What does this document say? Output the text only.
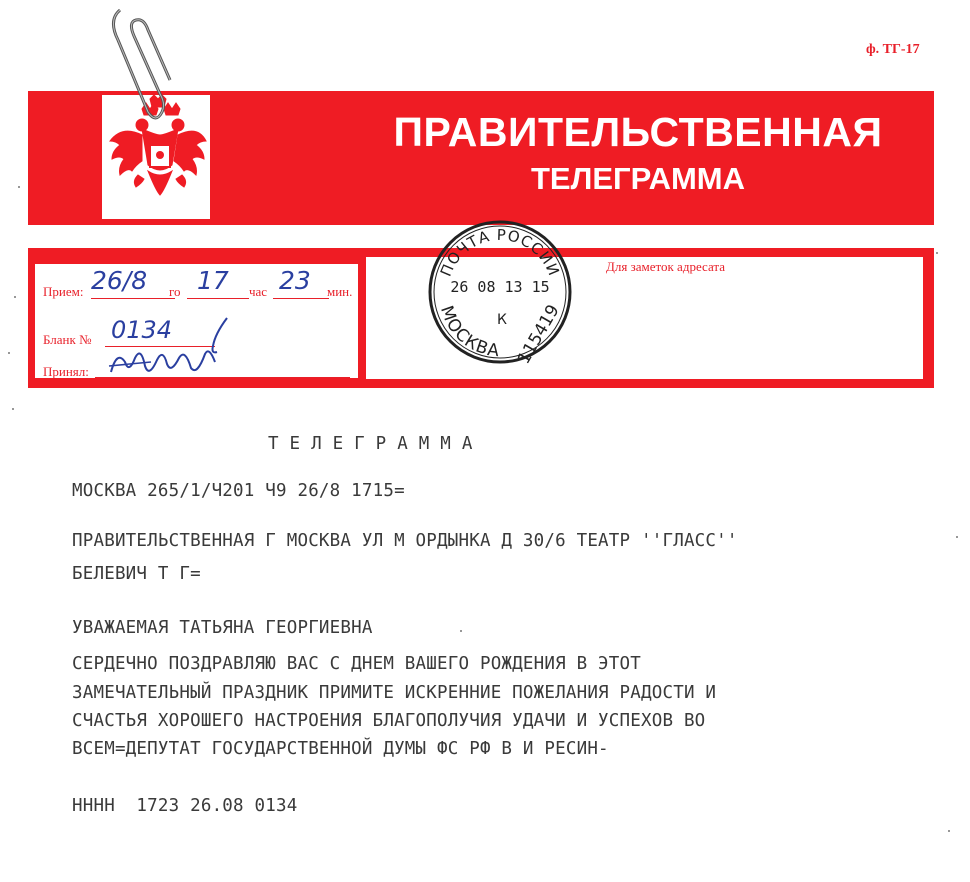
ф. ТГ-17
ПРАВИТЕЛЬСТВЕННАЯ
ТЕЛЕГРАММА
Прием: 26/8 го 17 час 23 мин.
Бланк № 0134
Принял:
Для заметок адресата
ПОЧТА РОССИИ
26 08 13 15
МОСКВА
К 115419
ТЕЛЕГРАММА
МОСКВА 265/1/Ч201 Ч9 26/8 1715=
ПРАВИТЕЛЬСТВЕННАЯ Г МОСКВА УЛ М ОРДЫНКА Д 30/6 ТЕАТР ''ГЛАСС''
БЕЛЕВИЧ Т Г=
УВАЖАЕМАЯ ТАТЬЯНА ГЕОРГИЕВНА
СЕРДЕЧНО ПОЗДРАВЛЯЮ ВАС С ДНЕМ ВАШЕГО РОЖДЕНИЯ В ЭТОТ
ЗАМЕЧАТЕЛЬНЫЙ ПРАЗДНИК ПРИМИТЕ ИСКРЕННИЕ ПОЖЕЛАНИЯ РАДОСТИ И
СЧАСТЬЯ ХОРОШЕГО НАСТРОЕНИЯ БЛАГОПОЛУЧИЯ УДАЧИ И УСПЕХОВ ВО
ВСЕМ=ДЕПУТАТ ГОСУДАРСТВЕННОЙ ДУМЫ ФС РФ В И РЕСИН-
НННН  1723 26.08 0134
